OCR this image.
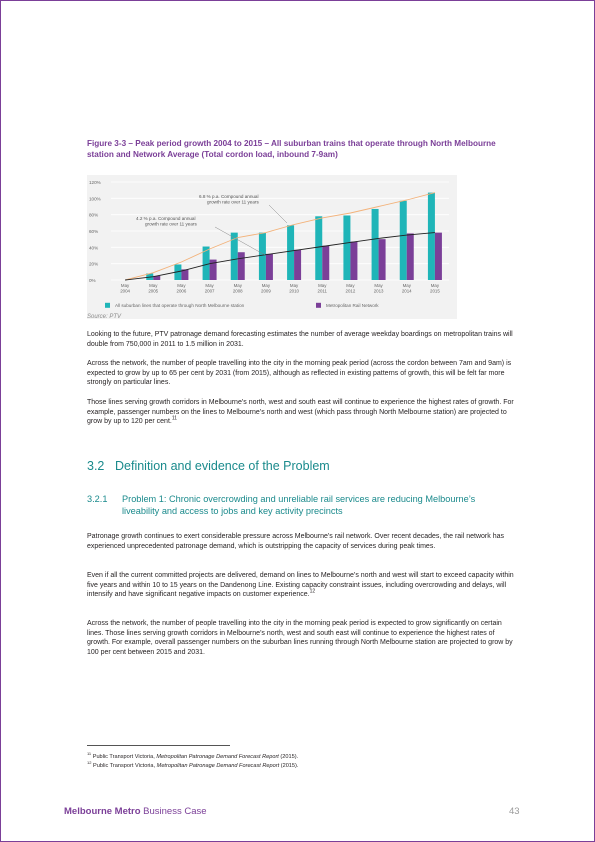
Figure 3-3 – Peak period growth 2004 to 2015 – All suburban trains that operate through North Melbourne station and Network Average (Total cordon load, inbound 7-9am)
120%
100%
80%
60%
40%
20%
0%
May
2004
May
2005
May
2006
May
2007
May
2008
May
2009
May
2010
May
2011
May
2012
May
2013
May
2014
May
2015
6.8 % p.a. Compound annual
growth rate over 11 years
4.2 % p.a. Compound annual
growth rate over 11 years
All suburban lines that operate through North Melbourne station	Metropolitan Rail Network
Source: PTV

Looking to the future, PTV patronage demand forecasting estimates the number of average weekday boardings on metropolitan trains will double from 750,000 in 2011 to 1.5 million in 2031.

Across the network, the number of people travelling into the city in the morning peak period (across the cordon between 7am and 9am) is expected to grow by up to 65 per cent by 2031 (from 2015), although as reflected in existing patterns of growth, this will be felt far more strongly on particular lines.

Those lines serving growth corridors in Melbourne’s north, west and south east will continue to experience the highest rates of growth. For example, passenger numbers on the lines to Melbourne’s north and west (which pass through North Melbourne station) are projected to grow by up to 120 per cent.$^{11}$

3.2 Definition and evidence of the Problem
3.2.1 Problem 1: Chronic overcrowding and unreliable rail services are reducing Melbourne’s liveability and access to jobs and key activity precincts

Patronage growth continues to exert considerable pressure across Melbourne’s rail network. Over recent decades, the rail network has experienced unprecedented patronage demand, which is outstripping the capacity of services during peak times.

Even if all the current committed projects are delivered, demand on lines to Melbourne’s north and west will start to exceed capacity within five years and within 10 to 15 years on the Dandenong Line. Existing capacity constraint issues, including overcrowding and delays, will intensify and have significant negative impacts on customer experience.$^{12}$

Across the network, the number of people travelling into the city in the morning peak period is expected to grow significantly on certain lines. Those lines serving growth corridors in Melbourne’s north, west and south east will continue to experience the highest rates of growth. For example, overall passenger numbers on the suburban lines running through North Melbourne station are projected to grow by 100 per cent between 2015 and 2031.

$^{11}$ Public Transport Victoria, Metropolitan Patronage Demand Forecast Report (2015).
$^{12}$ Public Transport Victoria, Metropolitan Patronage Demand Forecast Report (2015).
Melbourne Metro Business Case	43
